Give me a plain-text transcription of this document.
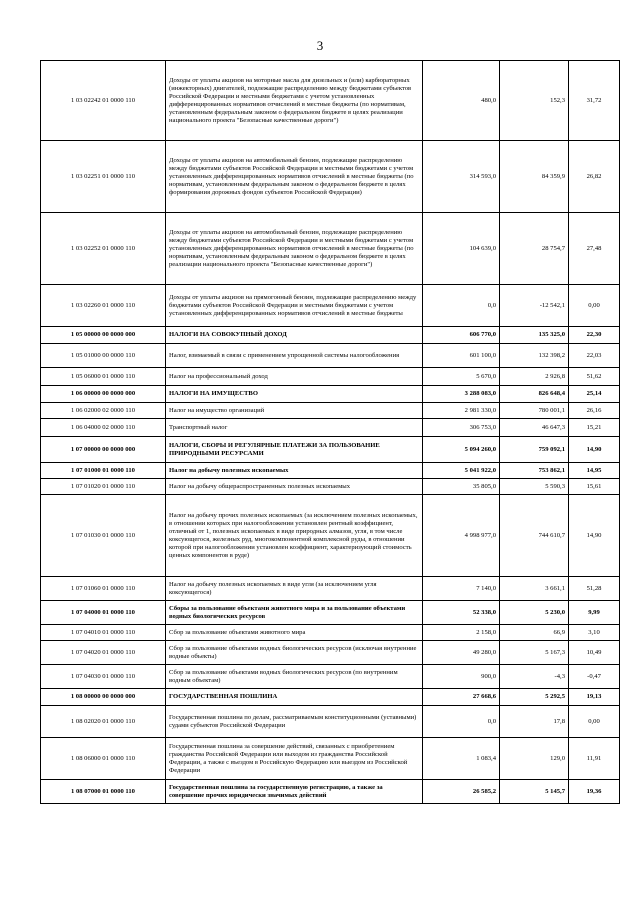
3
1 03 02242 01 0000 110	Доходы от уплаты акцизов на моторные масла для дизельных и (или) карбюраторных (инжекторных) двигателей, подлежащие распределению между бюджетами субъектов Российской Федерации и местными бюджетами с учетом установленных дифференцированных нормативов отчислений в местные бюджеты (по нормативам, установленным федеральным законом о федеральном бюджете в целях реализации национального проекта "Безопасные качественные дороги")	480,0	152,3	31,72
1 03 02251 01 0000 110	Доходы от уплаты акцизов на автомобильный бензин, подлежащие распределению между бюджетами субъектов Российской Федерации и местными бюджетами с учетом установленных дифференцированных нормативов отчислений в местные бюджеты (по нормативам, установленным федеральным законом о федеральном бюджете в целях формирования дорожных фондов субъектов Российской Федерации)	314 593,0	84 359,9	26,82
1 03 02252 01 0000 110	Доходы от уплаты акцизов на автомобильный бензин, подлежащие распределению между бюджетами субъектов Российской Федерации и местными бюджетами с учетом установленных дифференцированных нормативов отчислений в местные бюджеты (по нормативам, установленным федеральным законом о федеральном бюджете в целях реализации национального проекта "Безопасные качественные дороги")	104 639,0	28 754,7	27,48
1 03 02260 01 0000 110	Доходы от уплаты акцизов на прямогонный бензин, подлежащие распределению между бюджетами субъектов Российской Федерации и местными бюджетами с учетом установленных дифференцированных нормативов отчислений в местные бюджеты	0,0	-12 542,1	0,00
1 05 00000 00 0000 000	НАЛОГИ НА СОВОКУПНЫЙ ДОХОД	606 770,0	135 325,0	22,30
1 05 01000 00 0000 110	Налог, взимаемый в связи с применением упрощенной системы налогообложения	601 100,0	132 398,2	22,03
1 05 06000 01 0000 110	Налог на профессиональный доход	5 670,0	2 926,8	51,62
1 06 00000 00 0000 000	НАЛОГИ НА ИМУЩЕСТВО	3 288 083,0	826 648,4	25,14
1 06 02000 02 0000 110	Налог на имущество организаций	2 981 330,0	780 001,1	26,16
1 06 04000 02 0000 110	Транспортный налог	306 753,0	46 647,3	15,21
1 07 00000 00 0000 000	НАЛОГИ, СБОРЫ И РЕГУЛЯРНЫЕ ПЛАТЕЖИ ЗА ПОЛЬЗОВАНИЕ ПРИРОДНЫМИ РЕСУРСАМИ	5 094 260,0	759 092,1	14,90
1 07 01000 01 0000 110	Налог на добычу полезных ископаемых	5 041 922,0	753 862,1	14,95
1 07 01020 01 0000 110	Налог на добычу общераспространенных полезных ископаемых	35 805,0	5 590,3	15,61
1 07 01030 01 0000 110	Налог на добычу прочих полезных ископаемых (за исключением полезных ископаемых, в отношении которых при налогообложении установлен рентный коэффициент, отличный от 1, полезных ископаемых в виде природных алмазов, угля, в том числе коксующегося, железных руд, многокомпонентной комплексной руды, в отношении которой при налогообложении установлен коэффициент, характеризующий стоимость ценных компонентов в руде)	4 998 977,0	744 610,7	14,90
1 07 01060 01 0000 110	Налог на добычу полезных ископаемых в виде угля (за исключением угля коксующегося)	7 140,0	3 661,1	51,28
1 07 04000 01 0000 110	Сборы за пользование объектами животного мира и за пользование объектами водных биологических ресурсов	52 338,0	5 230,0	9,99
1 07 04010 01 0000 110	Сбор за пользование объектами животного мира	2 158,0	66,9	3,10
1 07 04020 01 0000 110	Сбор за пользование объектами водных биологических ресурсов (исключая внутренние водные объекты)	49 280,0	5 167,3	10,49
1 07 04030 01 0000 110	Сбор за пользование объектами водных биологических ресурсов (по внутренним водным объектам)	900,0	-4,3	-0,47
1 08 00000 00 0000 000	ГОСУДАРСТВЕННАЯ ПОШЛИНА	27 668,6	5 292,5	19,13
1 08 02020 01 0000 110	Государственная пошлина по делам, рассматриваемым конституционными (уставными) судами субъектов Российской Федерации	0,0	17,8	0,00
1 08 06000 01 0000 110	Государственная пошлина за совершение действий, связанных с приобретением гражданства Российской Федерации или выходом из гражданства Российской Федерации, а также с въездом в Российскую Федерацию или выездом из Российской Федерации	1 083,4	129,0	11,91
1 08 07000 01 0000 110	Государственная пошлина за государственную регистрацию, а также за совершение прочих юридически значимых действий	26 585,2	5 145,7	19,36
